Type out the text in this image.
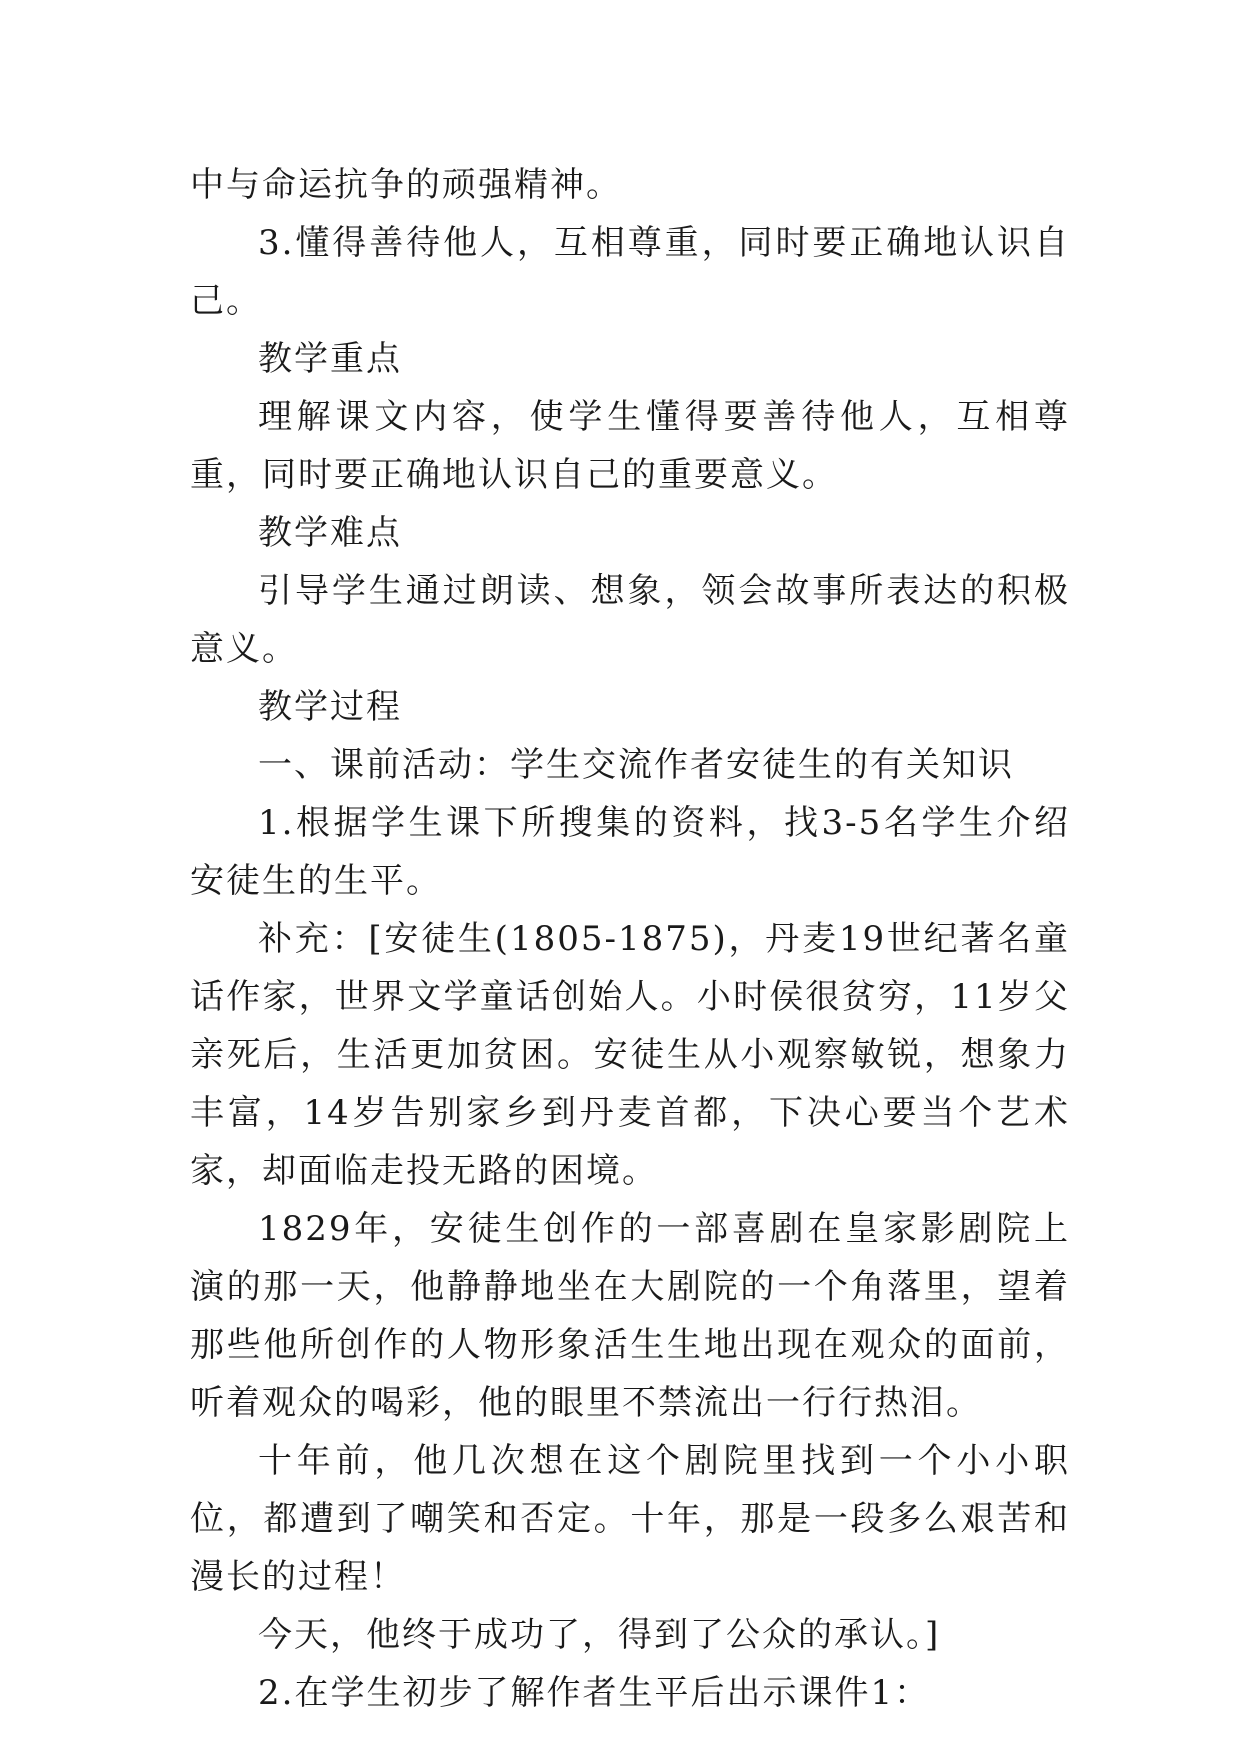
中与命运抗争的顽强精神。

3.懂得善待他人，互相尊重，同时要正确地认识自己。

教学重点

理解课文内容，使学生懂得要善待他人，互相尊重，同时要正确地认识自己的重要意义。

教学难点

引导学生通过朗读、想象，领会故事所表达的积极意义。

教学过程

一、课前活动：学生交流作者安徒生的有关知识

1.根据学生课下所搜集的资料，找3-5名学生介绍安徒生的生平。

补充：[安徒生(1805-1875)，丹麦19世纪著名童话作家，世界文学童话创始人。小时侯很贫穷，11岁父亲死后，生活更加贫困。安徒生从小观察敏锐，想象力丰富，14岁告别家乡到丹麦首都，下决心要当个艺术家，却面临走投无路的困境。

1829年，安徒生创作的一部喜剧在皇家影剧院上演的那一天，他静静地坐在大剧院的一个角落里，望着那些他所创作的人物形象活生生地出现在观众的面前，听着观众的喝彩，他的眼里不禁流出一行行热泪。

十年前，他几次想在这个剧院里找到一个小小职位，都遭到了嘲笑和否定。十年，那是一段多么艰苦和漫长的过程！

今天，他终于成功了，得到了公众的承认。]

2.在学生初步了解作者生平后出示课件1：
